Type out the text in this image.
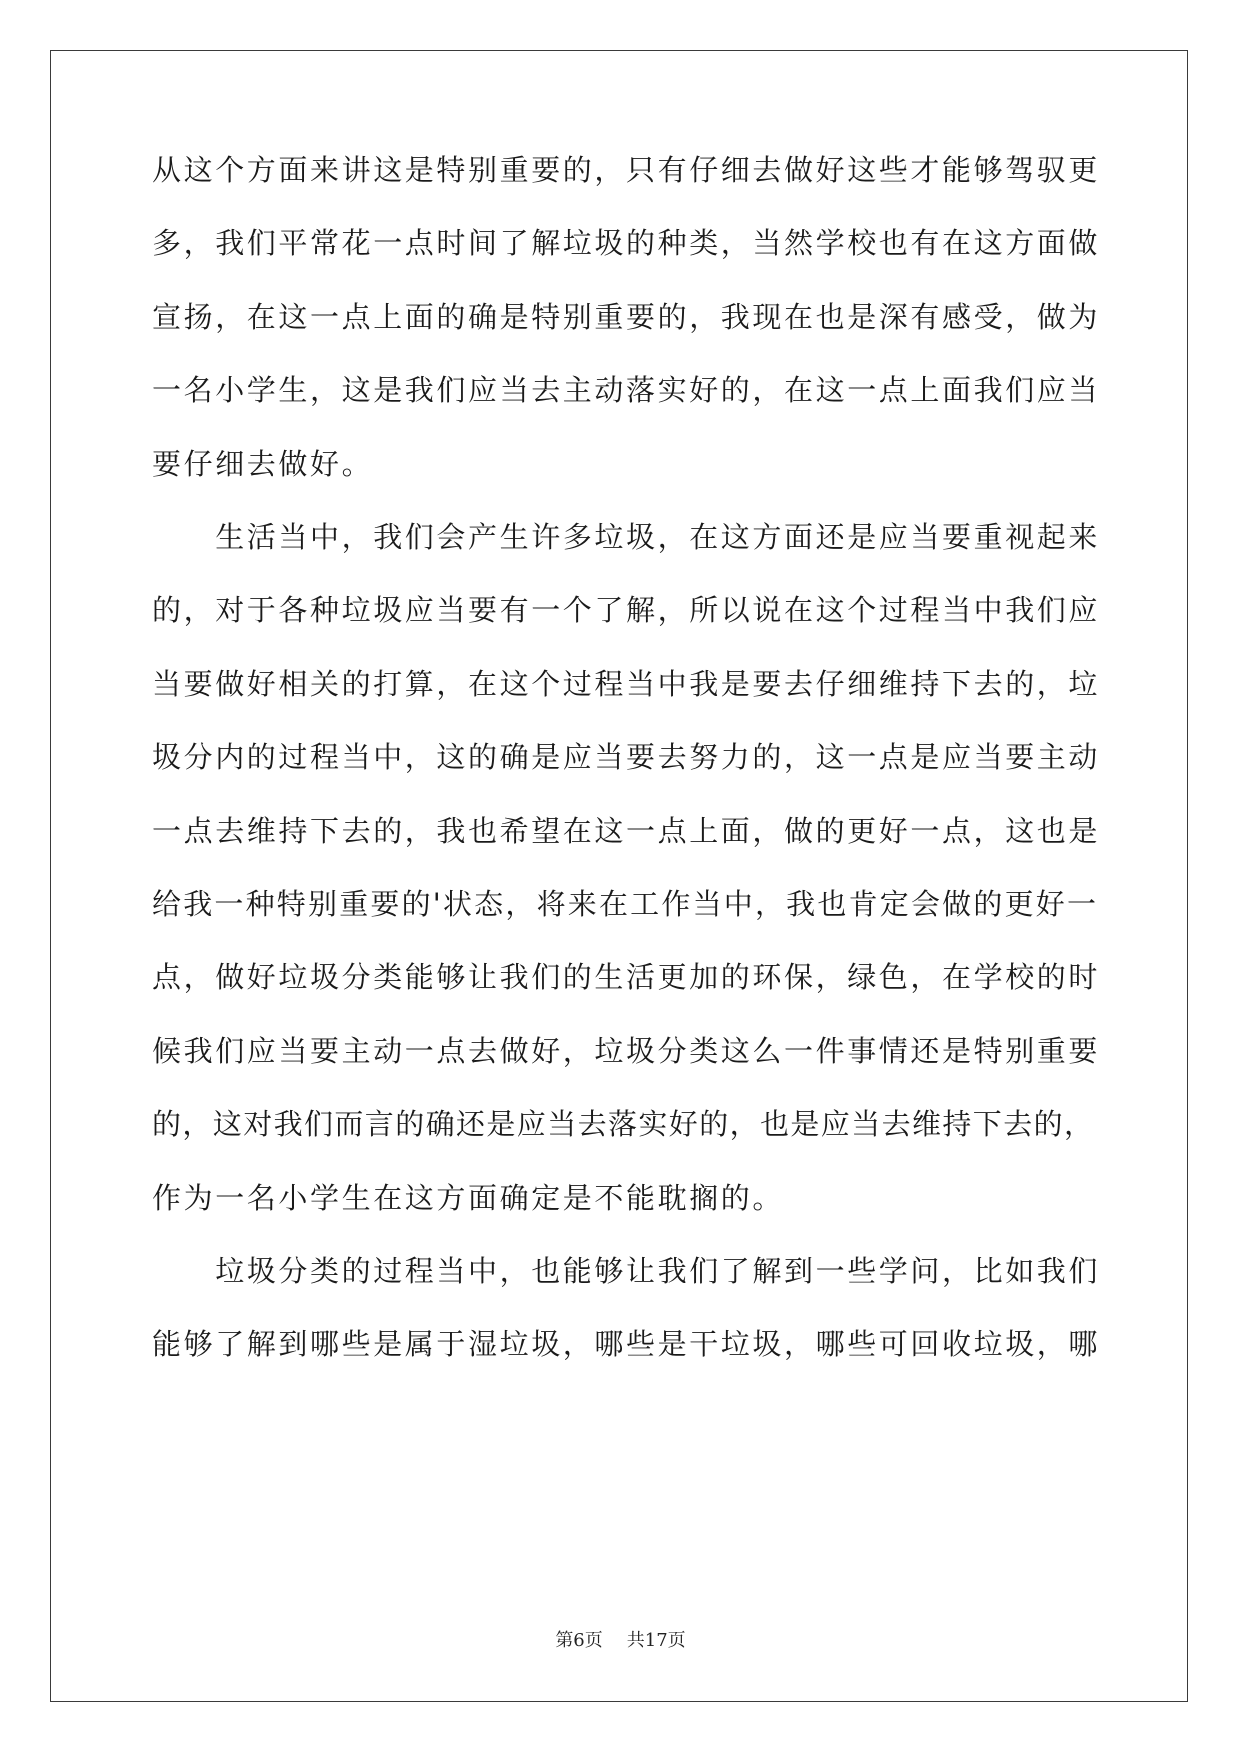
从这个方面来讲这是特别重要的，只有仔细去做好这些才能够驾驭更
多，我们平常花一点时间了解垃圾的种类，当然学校也有在这方面做
宣扬，在这一点上面的确是特别重要的，我现在也是深有感受，做为
一名小学生，这是我们应当去主动落实好的，在这一点上面我们应当
要仔细去做好。
　　生活当中，我们会产生许多垃圾，在这方面还是应当要重视起来
的，对于各种垃圾应当要有一个了解，所以说在这个过程当中我们应
当要做好相关的打算，在这个过程当中我是要去仔细维持下去的，垃
圾分内的过程当中，这的确是应当要去努力的，这一点是应当要主动
一点去维持下去的，我也希望在这一点上面，做的更好一点，这也是
给我一种特别重要的'状态，将来在工作当中，我也肯定会做的更好一
点，做好垃圾分类能够让我们的生活更加的环保，绿色，在学校的时
候我们应当要主动一点去做好，垃圾分类这么一件事情还是特别重要
的，这对我们而言的确还是应当去落实好的，也是应当去维持下去的，
作为一名小学生在这方面确定是不能耽搁的。
　　垃圾分类的过程当中，也能够让我们了解到一些学问，比如我们
能够了解到哪些是属于湿垃圾，哪些是干垃圾，哪些可回收垃圾，哪
第6页 共17页
